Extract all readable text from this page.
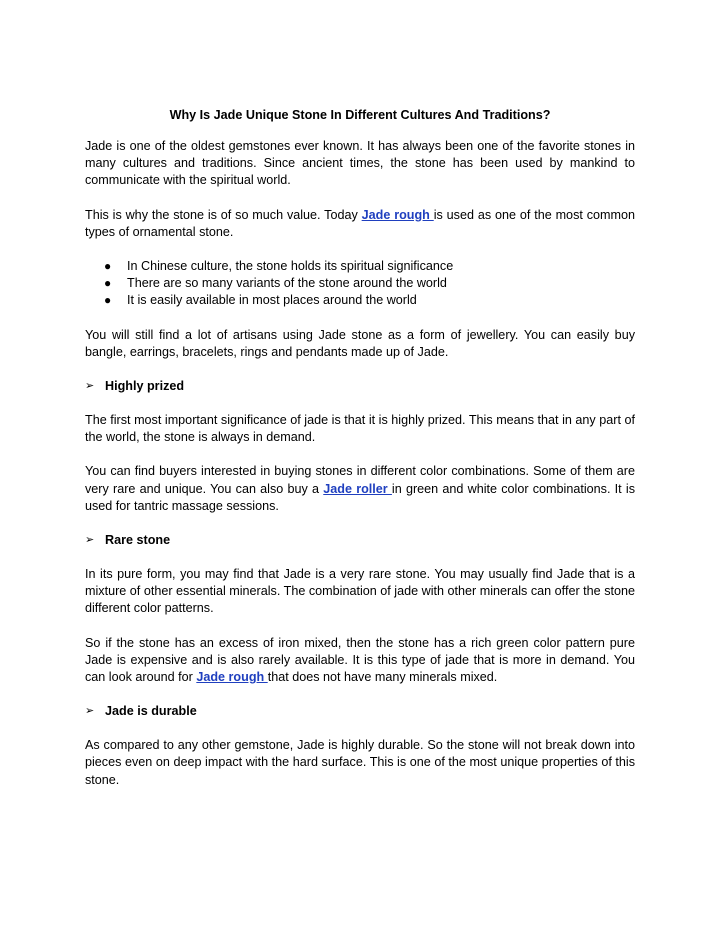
Why Is Jade Unique Stone In Different Cultures And Traditions?

Jade is one of the oldest gemstones ever known. It has always been one of the favorite stones in many cultures and traditions. Since ancient times, the stone has been used by mankind to communicate with the spiritual world.

This is why the stone is of so much value. Today Jade rough is used as one of the most common types of ornamental stone.

● In Chinese culture, the stone holds its spiritual significance
● There are so many variants of the stone around the world
● It is easily available in most places around the world

You will still find a lot of artisans using Jade stone as a form of jewellery. You can easily buy bangle, earrings, bracelets, rings and pendants made up of Jade.

➢ Highly prized

The first most important significance of jade is that it is highly prized. This means that in any part of the world, the stone is always in demand.

You can find buyers interested in buying stones in different color combinations. Some of them are very rare and unique. You can also buy a Jade roller in green and white color combinations. It is used for tantric massage sessions.

➢ Rare stone

In its pure form, you may find that Jade is a very rare stone. You may usually find Jade that is a mixture of other essential minerals. The combination of jade with other minerals can offer the stone different color patterns.

So if the stone has an excess of iron mixed, then the stone has a rich green color pattern pure Jade is expensive and is also rarely available. It is this type of jade that is more in demand. You can look around for Jade rough that does not have many minerals mixed.

➢ Jade is durable

As compared to any other gemstone, Jade is highly durable. So the stone will not break down into pieces even on deep impact with the hard surface. This is one of the most unique properties of this stone.
